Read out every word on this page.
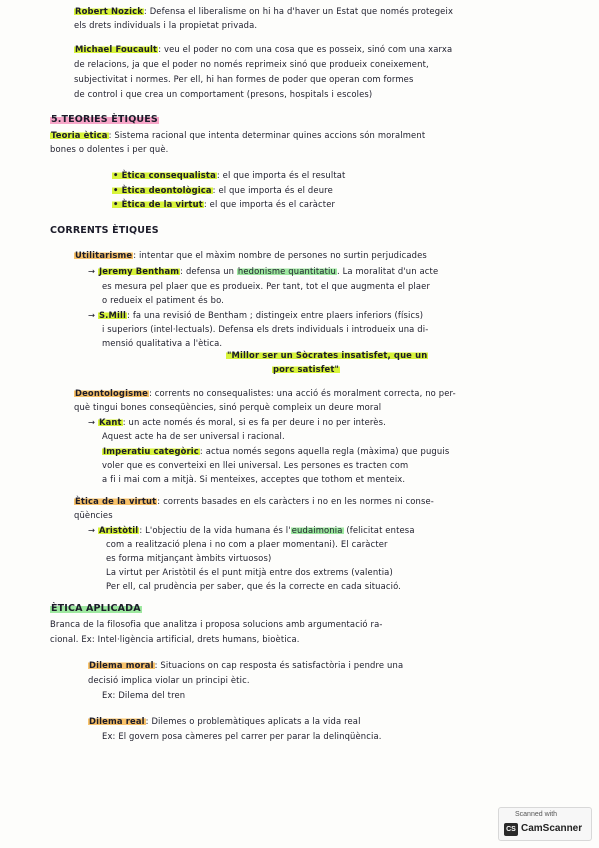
Robert Nozick: Defensa el liberalisme on hi ha d'haver un Estat que només protegeix
els drets individuals i la propietat privada.
Michael Foucault: veu el poder no com una cosa que es posseix, sinó com una xarxa
de relacions, ja que el poder no només reprimeix sinó que produeix coneixement,
subjectivitat i normes. Per ell, hi han formes de poder que operan com formes
de control i que crea un comportament (presons, hospitals i escoles)
5.TEORIES ÈTIQUES
Teoria ètica: Sistema racional que intenta determinar quines accions són moralment
bones o dolentes i per què.
• Ètica consequalista: el que importa és el resultat
• Ètica deontològica: el que importa és el deure
• Ètica de la virtut: el que importa és el caràcter
CORRENTS ÈTIQUES
Utilitarisme: intentar que el màxim nombre de persones no surtin perjudicades
→ Jeremy Bentham: defensa un hedonisme quantitatiu. La moralitat d'un acte
es mesura pel plaer que es produeix. Per tant, tot el que augmenta el plaer
o redueix el patiment és bo.
→ S.Mill: fa una revisió de Bentham ; distingeix entre plaers inferiors (físics)
i superiors (intel·lectuals). Defensa els drets individuals i introdueix una di-
mensió qualitativa a l'ètica.
"Millor ser un Sòcrates insatisfet, que un
porc satisfet"
Deontologisme: corrents no consequalistes: una acció és moralment correcta, no per-
què tingui bones conseqüències, sinó perquè compleix un deure moral
→ Kant: un acte només és moral, si es fa per deure i no per interès.
Aquest acte ha de ser universal i racional.
Imperatiu categòric: actua només segons aquella regla (màxima) que puguis
voler que es converteixi en llei universal. Les persones es tracten com
a fi i mai com a mitjà. Si menteixes, acceptes que tothom et menteix.
Ètica de la virtut: corrents basades en els caràcters i no en les normes ni conse-
qüències
→ Aristòtil: L'objectiu de la vida humana és l'eudaimonia (felicitat entesa
com a realització plena i no com a plaer momentani). El caràcter
es forma mitjançant àmbits virtuosos)
La virtut per Aristòtil és el punt mitjà entre dos extrems (valentia)
Per ell, cal prudència per saber, que és la correcte en cada situació.
ÈTICA APLICADA
Branca de la filosofia que analitza i proposa solucions amb argumentació ra-
cional. Ex: Intel·ligència artificial, drets humans, bioètica.
Dilema moral: Situacions on cap resposta és satisfactòria i pendre una
decisió implica violar un principi ètic.
Ex: Dilema del tren
Dilema real: Dilemes o problemàtiques aplicats a la vida real
Ex: El govern posa càmeres pel carrer per parar la delinqüència.
Scanned with
CS CamScanner
